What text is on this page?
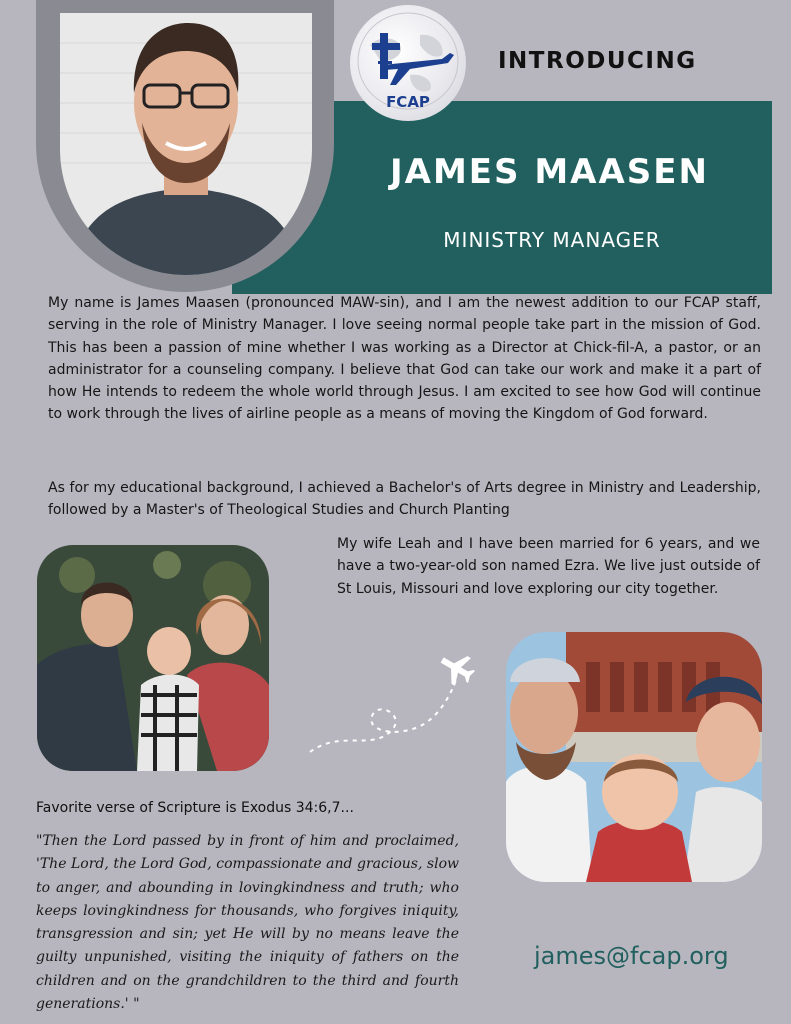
FCAP
INTRODUCING
JAMES MAASEN
MINISTRY MANAGER

My name is James Maasen (pronounced MAW-sin), and I am the newest addition to our FCAP staff, serving in the role of Ministry Manager. I love seeing normal people take part in the mission of God. This has been a passion of mine whether I was working as a Director at Chick-fil-A, a pastor, or an administrator for a counseling company. I believe that God can take our work and make it a part of how He intends to redeem the whole world through Jesus. I am excited to see how God will continue to work through the lives of airline people as a means of moving the Kingdom of God forward.

As for my educational background, I achieved a Bachelor's of Arts degree in Ministry and Leadership, followed by a Master's of Theological Studies and Church Planting

My wife Leah and I have been married for 6 years, and we have a two-year-old son named Ezra. We live just outside of St Louis, Missouri and love exploring our city together.

Favorite verse of Scripture is Exodus 34:6,7...

"Then the Lord passed by in front of him and proclaimed, 'The Lord, the Lord God, compassionate and gracious, slow to anger, and abounding in lovingkindness and truth; who keeps lovingkindness for thousands, who forgives iniquity, transgression and sin; yet He will by no means leave the guilty unpunished, visiting the iniquity of fathers on the children and on the grandchildren to the third and fourth generations.' "

james@fcap.org
